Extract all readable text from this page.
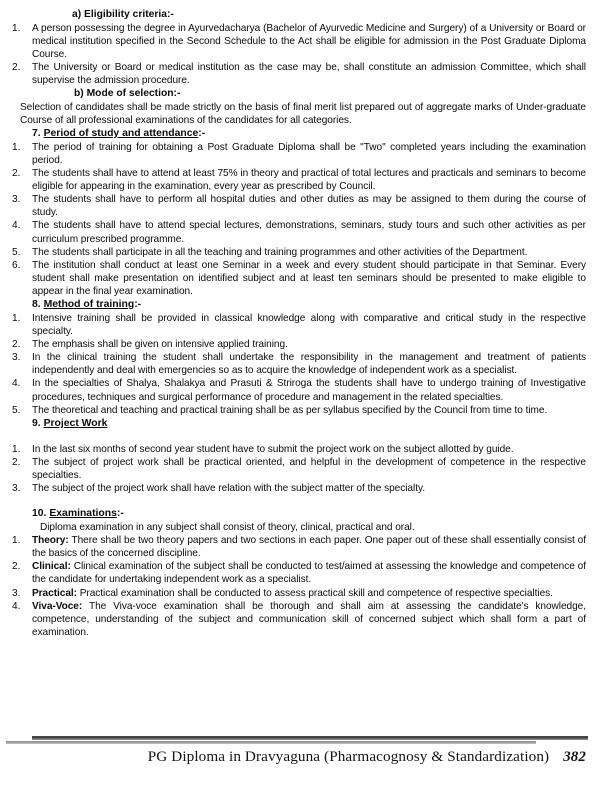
a) Eligibility criteria:-
1.	A person possessing the degree in Ayurvedacharya (Bachelor of Ayurvedic Medicine and Surgery) of a University or Board or medical institution specified in the Second Schedule to the Act shall be eligible for admission in the Post Graduate Diploma Course.
2.	The University or Board or medical institution as the case may be, shall constitute an admission Committee, which shall supervise the admission procedure.
b) Mode of selection:-
Selection of candidates shall be made strictly on the basis of final merit list prepared out of aggregate marks of Under-graduate Course of all professional examinations of the candidates for all categories.
7. Period of study and attendance:-
1.	The period of training for obtaining a Post Graduate Diploma shall be "Two" completed years including the examination period.
2.	The students shall have to attend at least 75% in theory and practical of total lectures and practicals and seminars to become eligible for appearing in the examination, every year as prescribed by Council.
3.	The students shall have to perform all hospital duties and other duties as may be assigned to them during the course of study.
4.	The students shall have to attend special lectures, demonstrations, seminars, study tours and such other activities as per curriculum prescribed programme.
5.	The students shall participate in all the teaching and training programmes and other activities of the Department.
6.	The institution shall conduct at least one Seminar in a week and every student should participate in that Seminar. Every student shall make presentation on identified subject and at least ten seminars should be presented to make eligible to appear in the final year examination.
8. Method of training:-
1.	Intensive training shall be provided in classical knowledge along with comparative and critical study in the respective specialty.
2.	The emphasis shall be given on intensive applied training.
3.	In the clinical training the student shall undertake the responsibility in the management and treatment of patients independently and deal with emergencies so as to acquire the knowledge of independent work as a specialist.
4.	In the specialties of Shalya, Shalakya and Prasuti & Striroga the students shall have to undergo training of Investigative procedures, techniques and surgical performance of procedure and management in the related specialties.
5.	The theoretical and teaching and practical training shall be as per syllabus specified by the Council from time to time.
9. Project Work
1.	In the last six months of second year student have to submit the project work on the subject allotted by guide.
2.	The subject of project work shall be practical oriented, and helpful in the development of competence in the respective specialties.
3.	The subject of the project work shall have relation with the subject matter of the specialty.
10. Examinations:-
Diploma examination in any subject shall consist of theory, clinical, practical and oral.
1.	Theory: There shall be two theory papers and two sections in each paper. One paper out of these shall essentially consist of the basics of the concerned discipline.
2.	Clinical: Clinical examination of the subject shall be conducted to test/aimed at assessing the knowledge and competence of the candidate for undertaking independent work as a specialist.
3.	Practical: Practical examination shall be conducted to assess practical skill and competence of respective specialties.
4.	Viva-Voce: The Viva-voce examination shall be thorough and shall aim at assessing the candidate's knowledge, competence, understanding of the subject and communication skill of concerned subject which shall form a part of examination.
PG Diploma in Dravyaguna (Pharmacognosy & Standardization) 382
